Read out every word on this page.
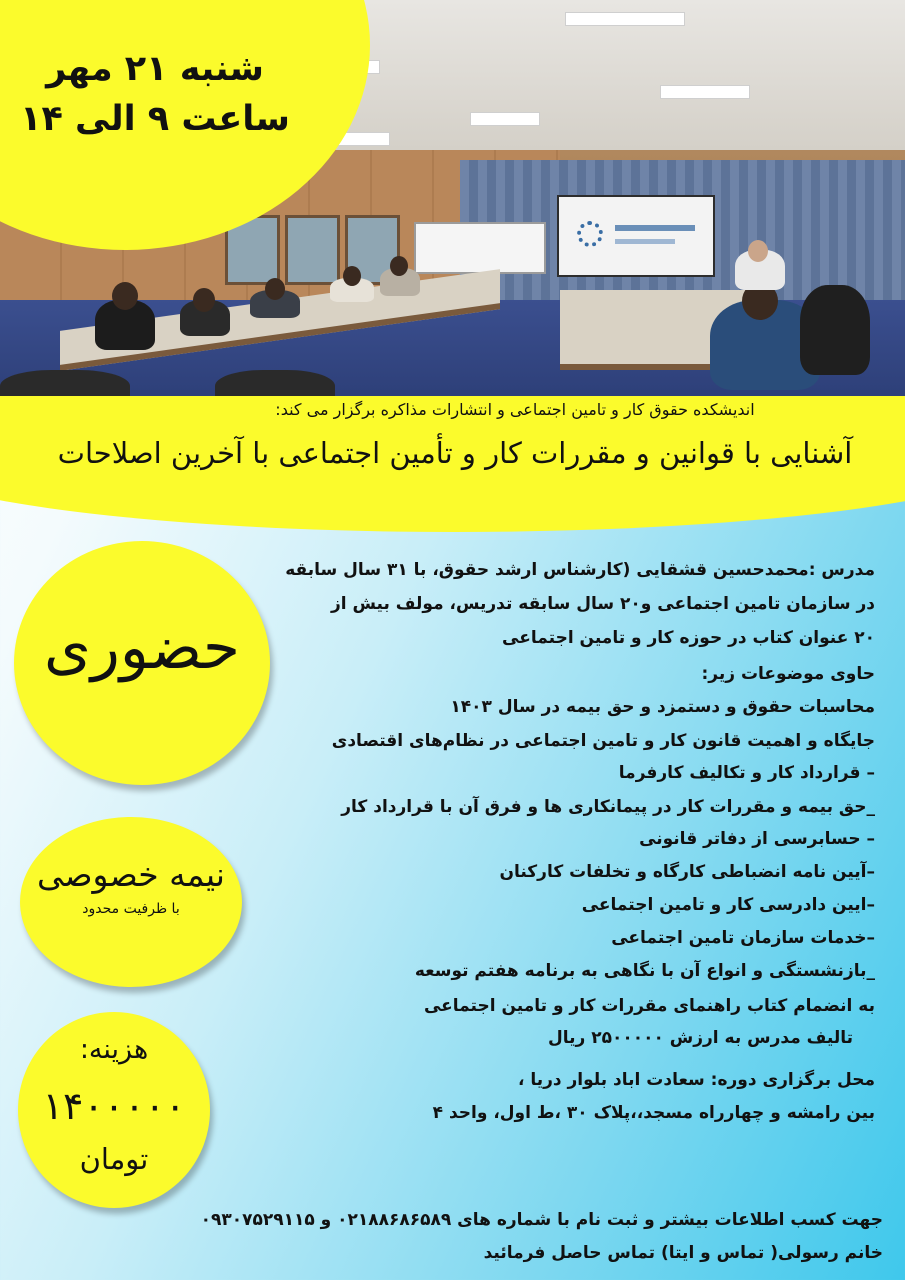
شنبه ۲۱ مهر
ساعت ۹ الی ۱۴
اندیشکده حقوق کار و تامین اجتماعی و انتشارات مذاکره برگزار می کند:
آشنایی با قوانین و مقررات کار و تأمین اجتماعی با آخرین اصلاحات
حضوری
نیمه خصوصی
با ظرفیت محدود
هزینه:
۱۴۰۰۰۰۰
تومان
مدرس :محمدحسین قشقایی (کارشناس ارشد حقوق، با ۳۱ سال سابقه
در سازمان تامین اجتماعی و۲۰ سال سابقه تدریس، مولف بیش از
۲۰ عنوان کتاب در حوزه کار و تامین اجتماعی
حاوی موضوعات زیر:
محاسبات حقوق و دستمزد و حق بیمه در سال ۱۴۰۳
جایگاه و اهمیت قانون کار و تامین اجتماعی در نظام‌های اقتصادی
– قرارداد کار و تکالیف کارفرما
_حق بیمه و مقررات کار در پیمانکاری ها و فرق آن با قرارداد کار
– حسابرسی از دفاتر قانونی
–آیین نامه انضباطی کارگاه و تخلفات کارکنان
–ایین دادرسی کار و تامین اجتماعی
–خدمات سازمان تامین اجتماعی
_بازنشستگی و انواع آن با نگاهی به برنامه هفتم توسعه
به انضمام کتاب راهنمای مقررات کار و تامین اجتماعی
تالیف مدرس به ارزش ۲۵۰۰۰۰۰ ریال
محل برگزاری دوره: سعادت اباد بلوار دریا ،
بین رامشه و چهارراه مسجد،،پلاک ۳۰ ،ط اول، واحد ۴
جهت کسب اطلاعات بیشتر و ثبت نام با شماره های ۰۲۱۸۸۶۸۶۵۸۹ و ۰۹۳۰۷۵۲۹۱۱۵
خانم رسولی( تماس و ایتا) تماس حاصل فرمائید
